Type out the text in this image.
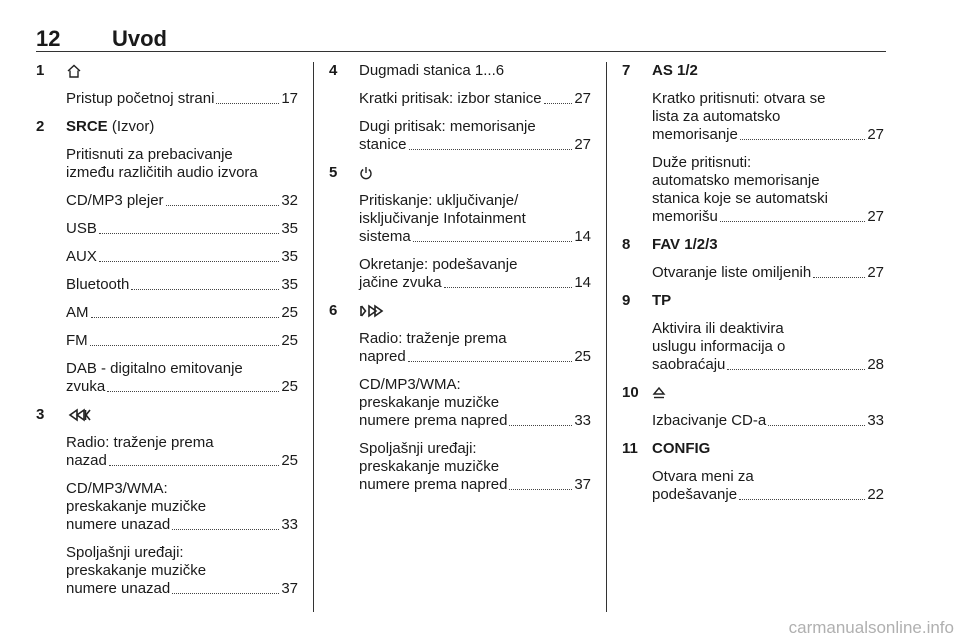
12 Uvod
1
Pristup početnoj strani	17
2	SRCE (Izvor)
Pritisnuti za prebacivanje
između različitih audio izvora
CD/MP3 plejer	32
USB	35
AUX	35
Bluetooth	35
AM	25
FM	25
DAB - digitalno emitovanje
zvuka	25
3
Radio: traženje prema
nazad	25
CD/MP3/WMA:
preskakanje muzičke
numere unazad	33
Spoljašnji uređaji:
preskakanje muzičke
numere unazad	37
4	Dugmadi stanica 1...6
Kratki pritisak: izbor stanice 27
Dugi pritisak: memorisanje
stanice	27
5
Pritiskanje: uključivanje/
isključivanje Infotainment
sistema	14
Okretanje: podešavanje
jačine zvuka	14
6
Radio: traženje prema
napred	25
CD/MP3/WMA:
preskakanje muzičke
numere prema napred	33
Spoljašnji uređaji:
preskakanje muzičke
numere prema napred	37
7	AS 1/2
Kratko pritisnuti: otvara se
lista za automatsko
memorisanje	27
Duže pritisnuti:
automatsko memorisanje
stanica koje se automatski
memorišu	27
8	FAV 1/2/3
Otvaranje liste omiljenih	27
9	TP
Aktivira ili deaktivira
uslugu informacija o
saobraćaju	28
10
Izbacivanje CD-a	33
11 CONFIG
Otvara meni za
podešavanje	22
carmanualsonline.info
